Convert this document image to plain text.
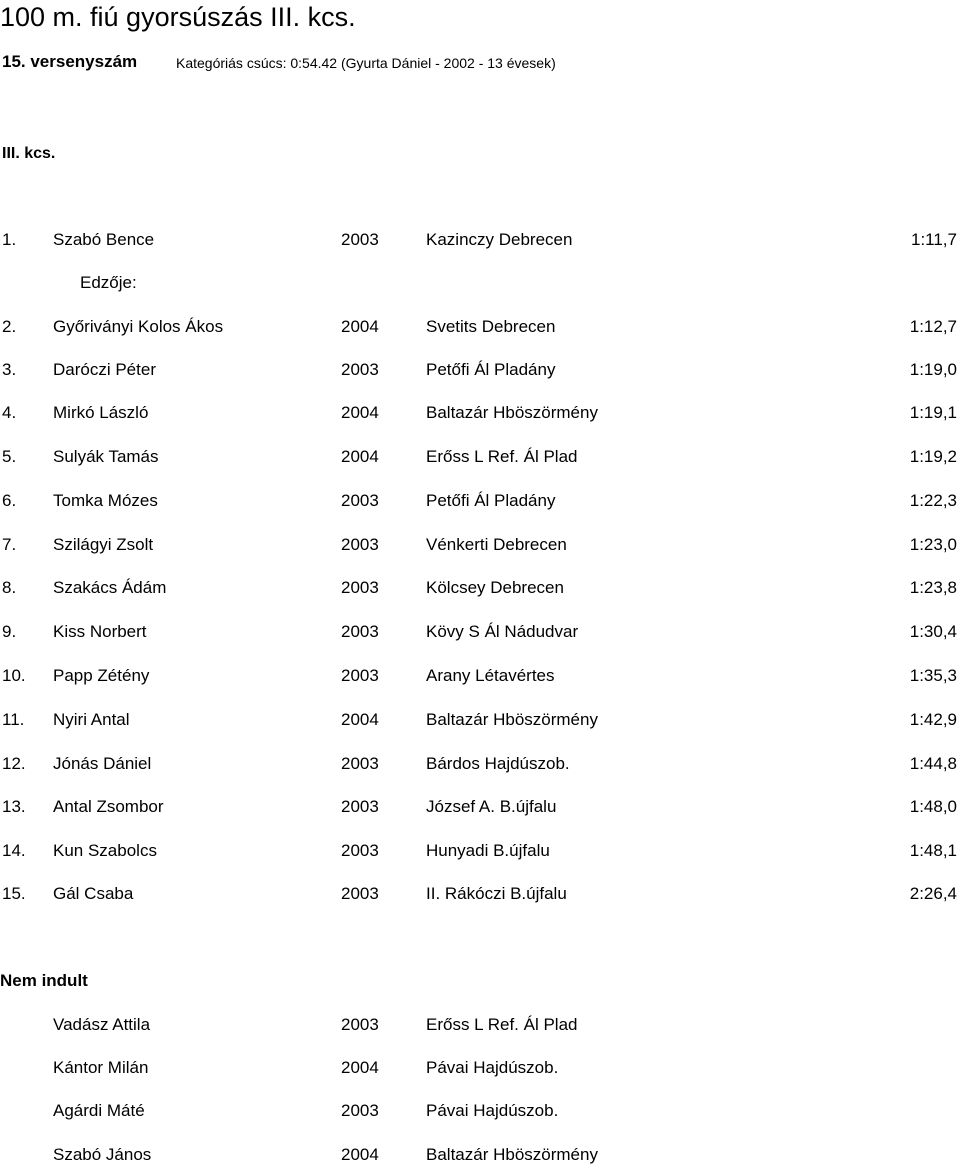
100 m. fiú gyorsúszás III. kcs.
15. versenyszám	Kategóriás csúcs: 0:54.42 (Gyurta Dániel - 2002 - 13 évesek)
III. kcs.
Edzője:
1. Szabó Bence	2003	Kazinczy Debrecen	1:11,7
2. Győriványi Kolos Ákos	2004	Svetits Debrecen	1:12,7
3. Daróczi Péter	2003	Petőfi Ál Pladány	1:19,0
4. Mirkó László	2004	Baltazár Hböszörmény	1:19,1
5. Sulyák Tamás	2004	Erőss L Ref. Ál Plad	1:19,2
6. Tomka Mózes	2003	Petőfi Ál Pladány	1:22,3
7. Szilágyi Zsolt	2003	Vénkerti Debrecen	1:23,0
8. Szakács Ádám	2003	Kölcsey Debrecen	1:23,8
9. Kiss Norbert	2003	Kövy S Ál Nádudvar	1:30,4
10. Papp Zétény	2003	Arany Létavértes	1:35,3
11. Nyiri Antal	2004	Baltazár Hböszörmény	1:42,9
12. Jónás Dániel	2003	Bárdos Hajdúszob.	1:44,8
13. Antal Zsombor	2003	József A. B.újfalu	1:48,0
14. Kun Szabolcs	2003	Hunyadi B.újfalu	1:48,1
15. Gál Csaba	2003	II. Rákóczi B.újfalu	2:26,4
Nem indult
Vadász Attila	2003	Erőss L Ref. Ál Plad
Kántor Milán	2004	Pávai Hajdúszob.
Agárdi Máté	2003	Pávai Hajdúszob.
Szabó János	2004	Baltazár Hböszörmény
